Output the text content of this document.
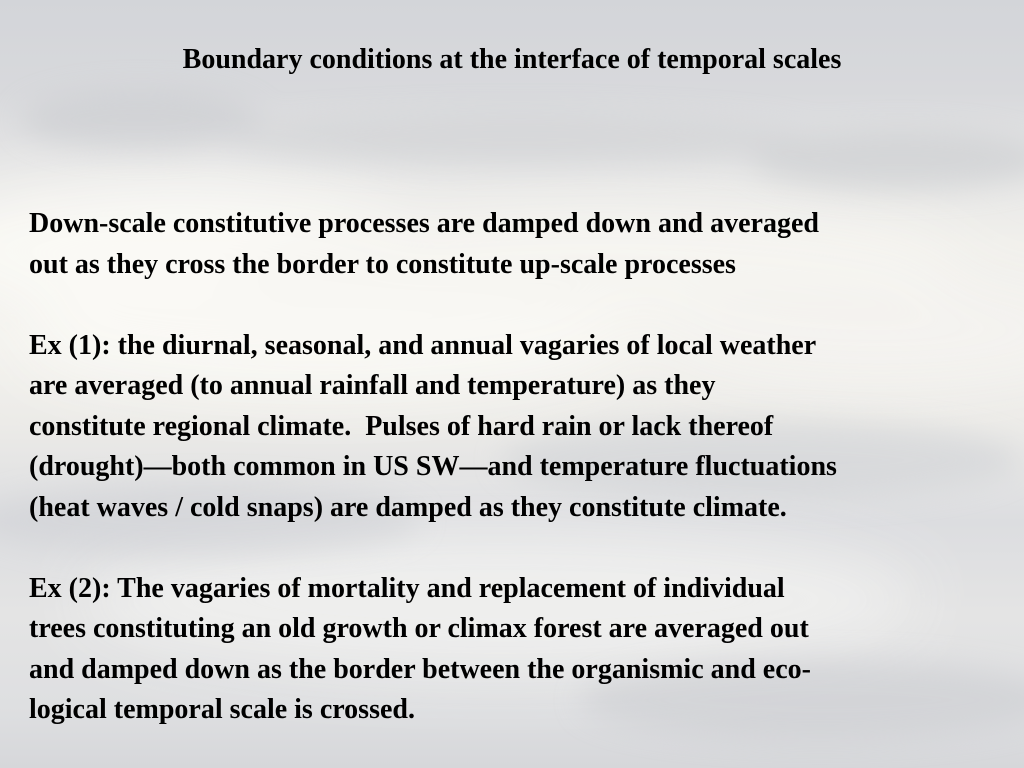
Boundary conditions at the interface of temporal scales
Down-scale constitutive processes are damped down and averaged
out as they cross the border to constitute up-scale processes
Ex (1): the diurnal, seasonal, and annual vagaries of local weather
are averaged (to annual rainfall and temperature) as they
constitute regional climate.  Pulses of hard rain or lack thereof
(drought)—both common in US SW—and temperature fluctuations
(heat waves / cold snaps) are damped as they constitute climate.
Ex (2): The vagaries of mortality and replacement of individual
trees constituting an old growth or climax forest are averaged out
and damped down as the border between the organismic and eco-
logical temporal scale is crossed.
